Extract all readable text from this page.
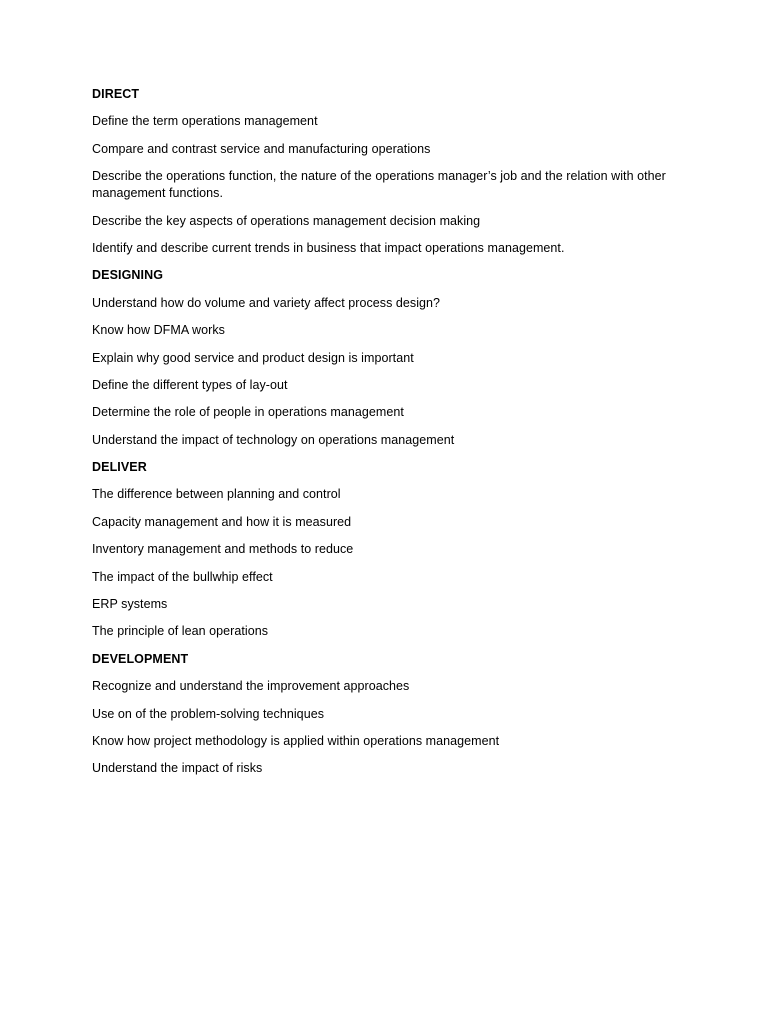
DIRECT
Define the term operations management
Compare and contrast service and manufacturing operations
Describe the operations function, the nature of the operations manager’s job and the relation with other management functions.
Describe the key aspects of operations management decision making
Identify and describe current trends in business that impact operations management.
DESIGNING
Understand how do volume and variety affect process design?
Know how DFMA works
Explain why good service and product design is important
Define the different types of lay-out
Determine the role of people in operations management
Understand the impact of technology on operations management
DELIVER
The difference between planning and control
Capacity management and how it is measured
Inventory management and methods to reduce
The impact of the bullwhip effect
ERP systems
The principle of lean operations
DEVELOPMENT
Recognize and understand the improvement approaches
Use on of the problem-solving techniques
Know how project methodology is applied within operations management
Understand the impact of risks
